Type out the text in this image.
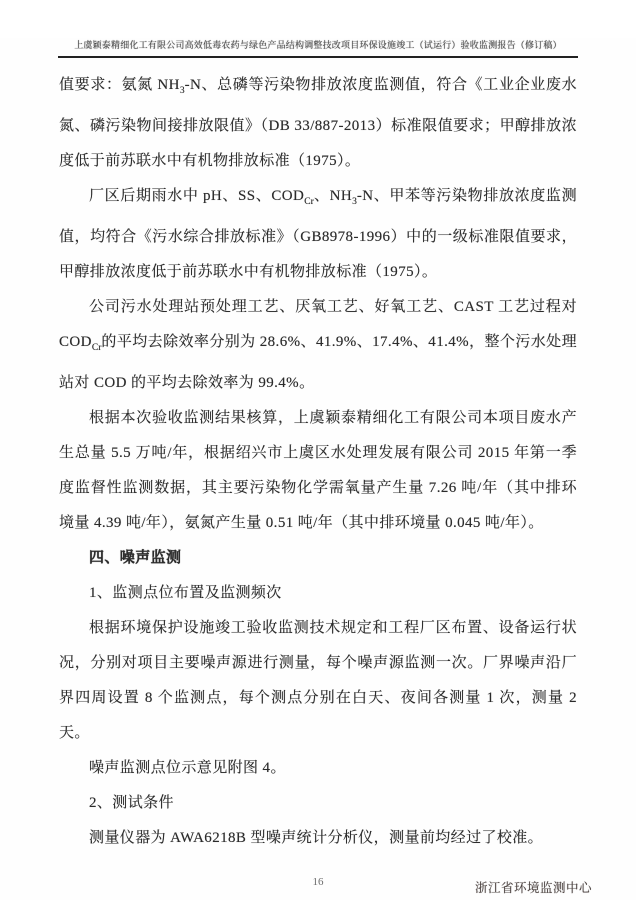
上虞颖泰精细化工有限公司高效低毒农药与绿色产品结构调整技改项目环保设施竣工（试运行）验收监测报告（修订稿）

值要求：氨氮 $NH_3-N$、总磷等污染物排放浓度监测值，符合《工业企业废水氮、磷污染物间接排放限值》（DB 33/887-2013）标准限值要求；甲醇排放浓度低于前苏联水中有机物排放标准（1975）。

厂区后期雨水中 pH、SS、$COD_{Cr}$、$NH_3-N$、甲苯等污染物排放浓度监测值，均符合《污水综合排放标准》（GB8978-1996）中的一级标准限值要求，甲醇排放浓度低于前苏联水中有机物排放标准（1975）。

公司污水处理站预处理工艺、厌氧工艺、好氧工艺、CAST 工艺过程对$COD_{Cr}$的平均去除效率分别为 28.6%、41.9%、17.4%、41.4%，整个污水处理站对 COD 的平均去除效率为 99.4%。

根据本次验收监测结果核算，上虞颖泰精细化工有限公司本项目废水产生总量 5.5 万吨/年，根据绍兴市上虞区水处理发展有限公司 2015 年第一季度监督性监测数据，其主要污染物化学需氧量产生量 7.26 吨/年（其中排环境量 4.39 吨/年），氨氮产生量 0.51 吨/年（其中排环境量 0.045 吨/年）。

四、噪声监测

1、监测点位布置及监测频次

根据环境保护设施竣工验收监测技术规定和工程厂区布置、设备运行状况，分别对项目主要噪声源进行测量，每个噪声源监测一次。厂界噪声沿厂界四周设置 8 个监测点，每个测点分别在白天、夜间各测量 1 次，测量 2 天。

噪声监测点位示意见附图 4。

2、测试条件

测量仪器为 AWA6218B 型噪声统计分析仪，测量前均经过了校准。

16	浙江省环境监测中心
